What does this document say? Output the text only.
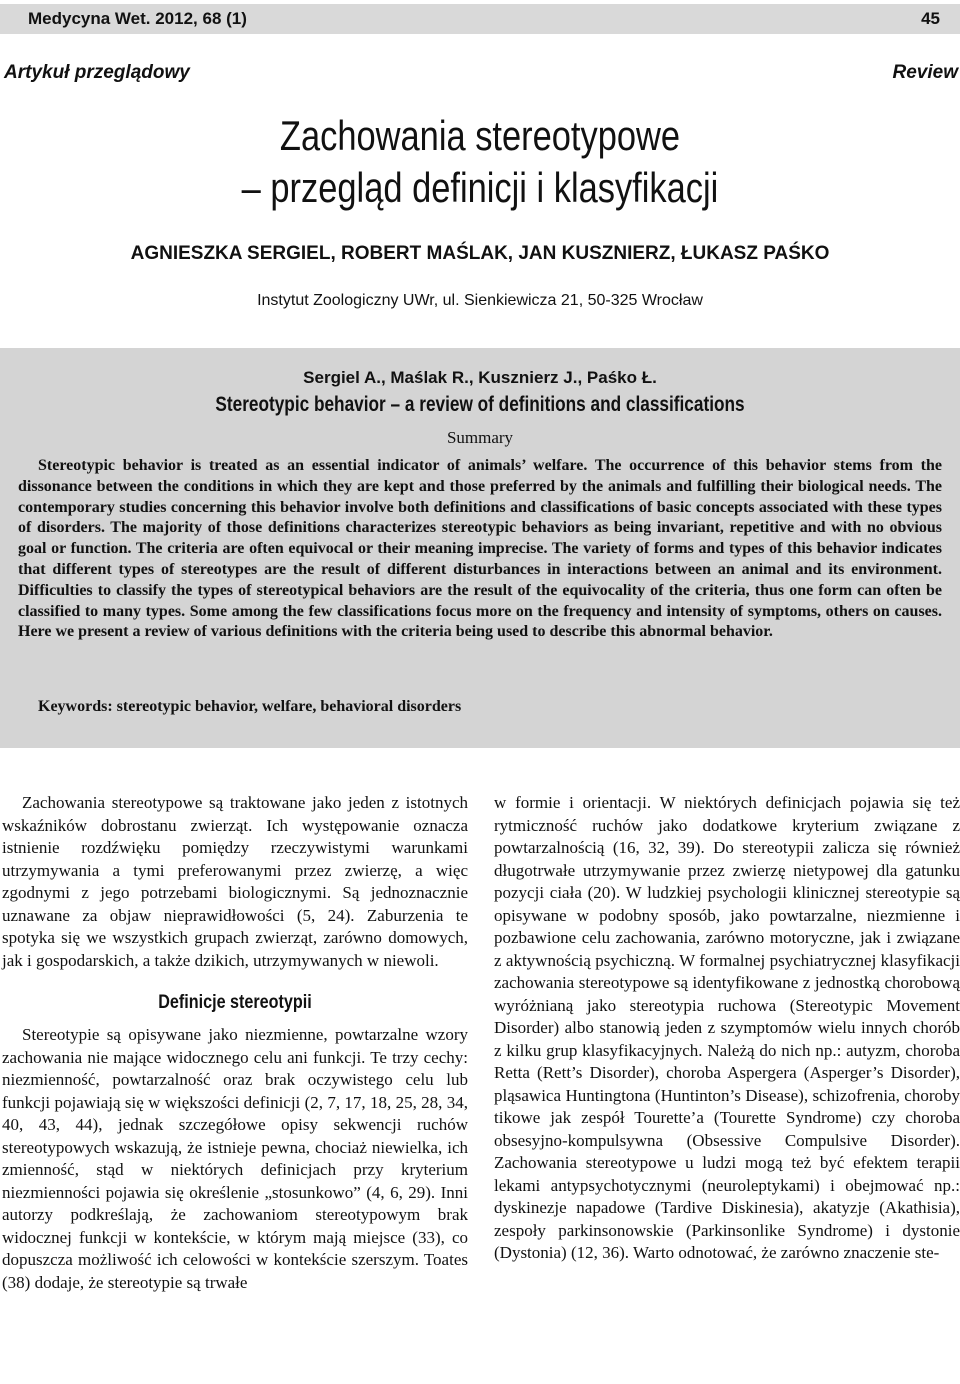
Medycyna Wet. 2012, 68 (1)	45
Artykuł przeglądowy	Review
Zachowania stereotypowe
– przegląd definicji i klasyfikacji
AGNIESZKA SERGIEL, ROBERT MAŚLAK, JAN KUSZNIERZ, ŁUKASZ PAŚKO
Instytut Zoologiczny UWr, ul. Sienkiewicza 21, 50-325 Wrocław
Sergiel A., Maślak R., Kusznierz J., Paśko Ł.
Stereotypic behavior – a review of definitions and classifications
Summary

Stereotypic behavior is treated as an essential indicator of animals’ welfare. The occurrence of this behavior stems from the dissonance between the conditions in which they are kept and those preferred by the animals and fulfilling their biological needs. The contemporary studies concerning this behavior involve both definitions and classifications of basic concepts associated with these types of disorders. The majority of those definitions characterizes stereotypic behaviors as being invariant, repetitive and with no obvious goal or function. The criteria are often equivocal or their meaning imprecise. The variety of forms and types of this behavior indicates that different types of stereotypes are the result of different disturbances in interactions between an animal and its environment. Difficulties to classify the types of stereotypical behaviors are the result of the equivocality of the criteria, thus one form can often be classified to many types. Some among the few classifications focus more on the frequency and intensity of symptoms, others on causes. Here we present a review of various definitions with the criteria being used to describe this abnormal behavior.

Keywords: stereotypic behavior, welfare, behavioral disorders

Zachowania stereotypowe są traktowane jako jeden z istotnych wskaźników dobrostanu zwierząt. Ich występowanie oznacza istnienie rozdźwięku pomiędzy rzeczywistymi warunkami utrzymywania a tymi preferowanymi przez zwierzę, a więc zgodnymi z jego potrzebami biologicznymi. Są jednoznacznie uznawane za objaw nieprawidłowości (5, 24). Zaburzenia te spotyka się we wszystkich grupach zwierząt, zarówno domowych, jak i gospodarskich, a także dzikich, utrzymywanych w niewoli.

Definicje stereotypii

Stereotypie są opisywane jako niezmienne, powtarzalne wzory zachowania nie mające widocznego celu ani funkcji. Te trzy cechy: niezmienność, powtarzalność oraz brak oczywistego celu lub funkcji pojawiają się w większości definicji (2, 7, 17, 18, 25, 28, 34, 40, 43, 44), jednak szczegółowe opisy sekwencji ruchów stereotypowych wskazują, że istnieje pewna, chociaż niewielka, ich zmienność, stąd w niektórych definicjach przy kryterium niezmienności pojawia się określenie „stosunkowo” (4, 6, 29). Inni autorzy podkreślają, że zachowaniom stereotypowym brak widocznej funkcji w kontekście, w którym mają miejsce (33), co dopuszcza możliwość ich celowości w kontekście szerszym. Toates (38) dodaje, że stereotypie są trwałe

w formie i orientacji. W niektórych definicjach pojawia się też rytmiczność ruchów jako dodatkowe kryterium związane z powtarzalnością (16, 32, 39). Do stereotypii zalicza się również długotrwałe utrzymywanie przez zwierzę nietypowej dla gatunku pozycji ciała (20). W ludzkiej psychologii klinicznej stereotypie są opisywane w podobny sposób, jako powtarzalne, niezmienne i pozbawione celu zachowania, zarówno motoryczne, jak i związane z aktywnością psychiczną. W formalnej psychiatrycznej klasyfikacji zachowania stereotypowe są identyfikowane z jednostką chorobową wyróżnianą jako stereotypia ruchowa (Stereotypic Movement Disorder) albo stanowią jeden z szymptomów wielu innych chorób z kilku grup klasyfikacyjnych. Należą do nich np.: autyzm, choroba Retta (Rett’s Disorder), choroba Aspergera (Asperger’s Disorder), pląsawica Huntingtona (Huntinton’s Disease), schizofrenia, choroby tikowe jak zespół Tourette’a (Tourette Syndrome) czy choroba obsesyjno-kompulsywna (Obsessive Compulsive Disorder). Zachowania stereotypowe u ludzi mogą też być efektem terapii lekami antypsychotycznymi (neuroleptykami) i obejmować np.: dyskinezje napadowe (Tardive Diskinesia), akatyzje (Akathisia), zespoły parkinsonowskie (Parkinsonlike Syndrome) i dystonie (Dystonia) (12, 36). Warto odnotować, że zarówno znaczenie ste-
